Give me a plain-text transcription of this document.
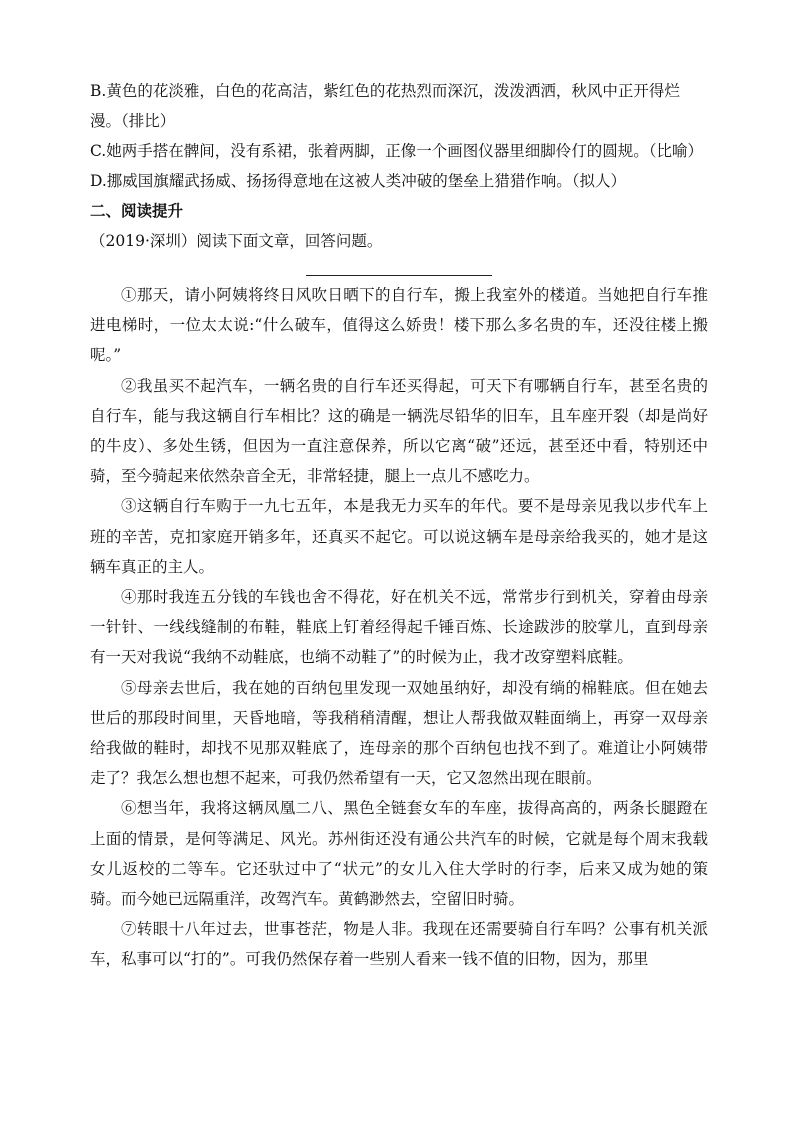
B.黄色的花淡雅，白色的花高洁，紫红色的花热烈而深沉，泼泼洒洒，秋风中正开得烂漫。（排比）

C.她两手搭在髀间，没有系裙，张着两脚，正像一个画图仪器里细脚伶仃的圆规。（比喻）

D.挪威国旗耀武扬威、扬扬得意地在这被人类冲破的堡垒上猎猎作响。（拟人）

二、阅读提升

（2019·深圳）阅读下面文章，回答问题。

①那天，请小阿姨将终日风吹日晒下的自行车，搬上我室外的楼道。当她把自行车推进电梯时，一位太太说:“什么破车，值得这么娇贵！楼下那么多名贵的车，还没往楼上搬呢。”

②我虽买不起汽车，一辆名贵的自行车还买得起，可天下有哪辆自行车，甚至名贵的自行车，能与我这辆自行车相比？这的确是一辆洗尽铅华的旧车，且车座开裂（却是尚好的牛皮）、多处生锈，但因为一直注意保养，所以它离“破”还远，甚至还中看，特别还中骑，至今骑起来依然杂音全无，非常轻捷，腿上一点儿不感吃力。

③这辆自行车购于一九七五年，本是我无力买车的年代。要不是母亲见我以步代车上班的辛苦，克扣家庭开销多年，还真买不起它。可以说这辆车是母亲给我买的，她才是这辆车真正的主人。

④那时我连五分钱的车钱也舍不得花，好在机关不远，常常步行到机关，穿着由母亲一针针、一线线缝制的布鞋，鞋底上钉着经得起千锤百炼、长途跋涉的胶掌儿，直到母亲有一天对我说“我纳不动鞋底，也绱不动鞋了”的时候为止，我才改穿塑料底鞋。

⑤母亲去世后，我在她的百纳包里发现一双她虽纳好，却没有绱的棉鞋底。但在她去世后的那段时间里，天昏地暗，等我稍稍清醒，想让人帮我做双鞋面绱上，再穿一双母亲给我做的鞋时，却找不见那双鞋底了，连母亲的那个百纳包也找不到了。难道让小阿姨带走了？我怎么想也想不起来，可我仍然希望有一天，它又忽然出现在眼前。

⑥想当年，我将这辆凤凰二八、黑色全链套女车的车座，拔得高高的，两条长腿蹬在上面的情景，是何等满足、风光。苏州街还没有通公共汽车的时候，它就是每个周末我载女儿返校的二等车。它还驮过中了“状元”的女儿入住大学时的行李，后来又成为她的策骑。而今她已远隔重洋，改驾汽车。黄鹤渺然去，空留旧时骑。

⑦转眼十八年过去，世事苍茫，物是人非。我现在还需要骑自行车吗？公事有机关派车，私事可以“打的”。可我仍然保存着一些别人看来一钱不值的旧物，因为，那里
